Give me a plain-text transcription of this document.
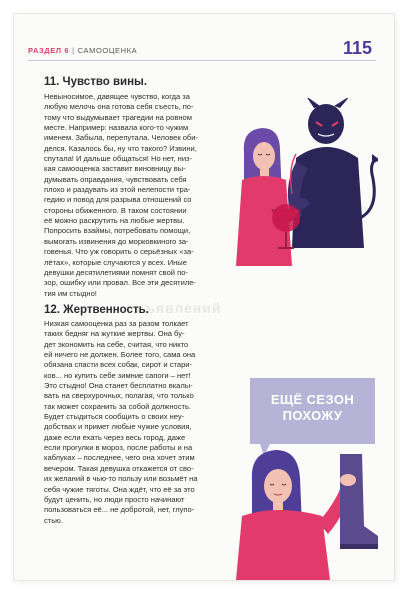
РАЗДЕЛ 6 | САМООЦЕНКА	115
11. Чувство вины.
Невыносимое, давящее чувство, когда за
любую мелочь она готова себя съесть, по-
тому что выдумывает трагедии на ровном
месте. Например: назвала кого-то чужим
именем. Забыла, перепутала. Человек оби-
делся. Казалось бы, ну что такого? Извини,
спутала! И дальше общаться! Но нет, низ-
кая самооценка заставит виновницу вы-
думывать оправдания, чувствовать себя
плохо и раздувать из этой нелепости тра-
гедию и повод для разрыва отношений со
стороны обиженного. В таком состоянии
её можно раскрутить на любые жертвы.
Попросить взаймы, потребовать помощи,
вымогать извинения до морковкиного за-
говенья. Что уж говорить о серьёзных «за-
лётах», которые случаются у всех. Иные
девушки десятилетиями помнят свой по-
зор, ошибку или провал. Все эти десятиле-
тия им стыдно!
12. Жертвенность.
Низкая самооценка раз за разом толкает
таких бедняг на жуткие жертвы. Она бу-
дет экономить на себе, считая, что никто
ей ничего не должен. Более того, сама она
обязана спасти всех собак, сирот и стари-
ков... но купить себе зимние сапоги – нет!
Это стыдно! Она станет бесплатно вкалы-
вать на сверхурочных, полагая, что только
так может сохранить за собой должность.
Будет стыдиться сообщить о своих неу-
добствах и примет любые чужие условия,
даже если ехать через весь город, даже
если прогулки в мороз, после работы и на
каблуках – последнее, чего она хочет этим
вечером. Такая девушка откажется от сво-
их желаний в чью-то пользу или возьмёт на
себя чужие тяготы. Она ждёт, что её за это
будут ценить, но люди просто начинают
пользоваться её... не добротой, нет, глупо-
стью.
съявлений
ЕЩЁ СЕЗОН
ПОХОЖУ
